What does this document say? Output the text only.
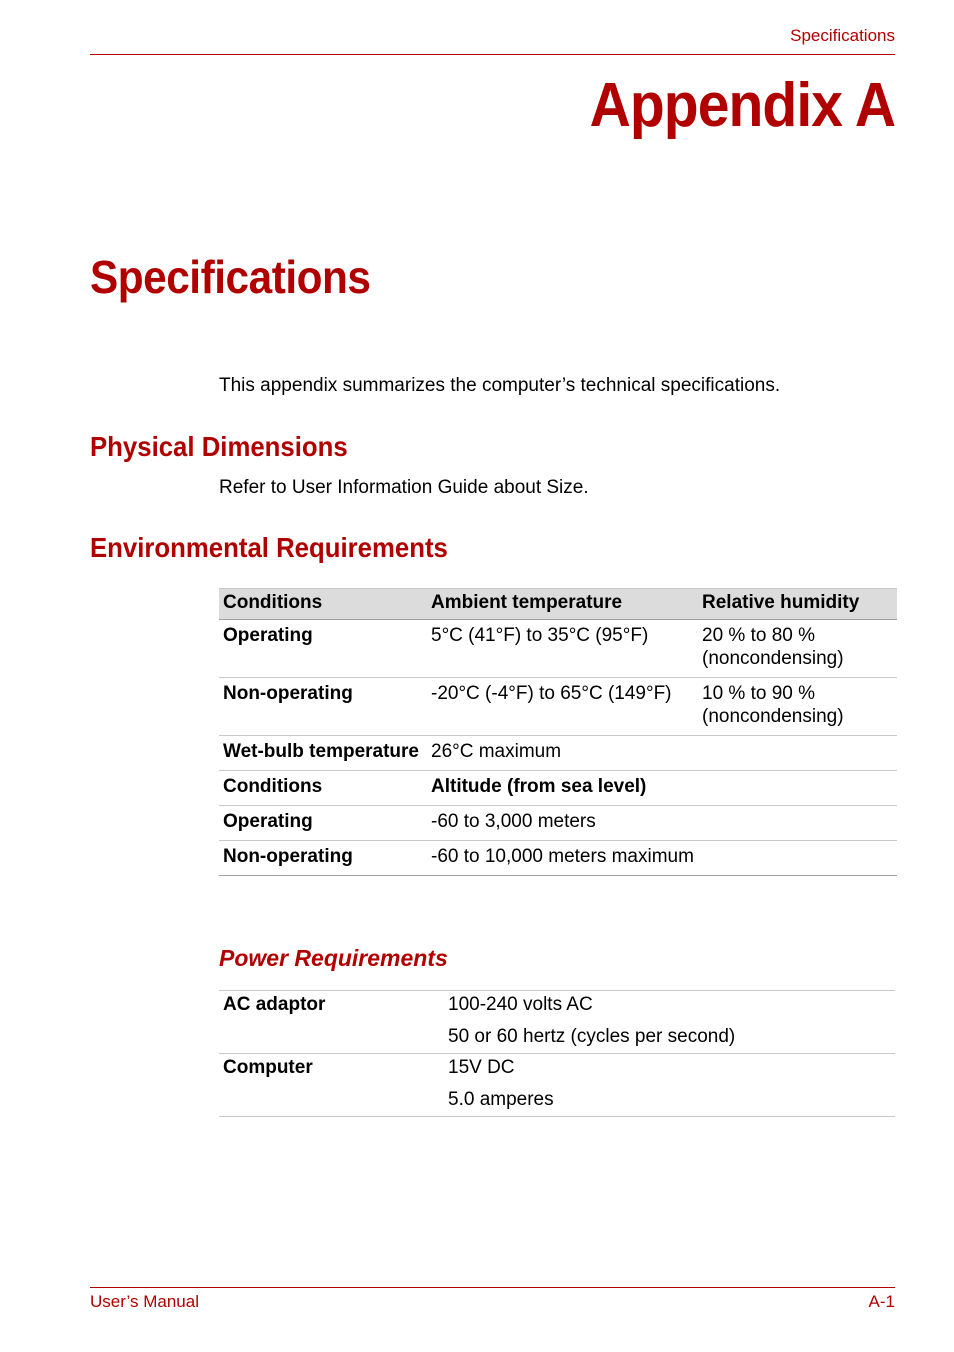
Specifications
Appendix A
Specifications
This appendix summarizes the computer’s technical specifications.
Physical Dimensions
Refer to User Information Guide about Size.
Environmental Requirements
Conditions	Ambient temperature	Relative humidity
Operating	5°C (41°F) to 35°C (95°F)	20 % to 80 % (noncondensing)
Non-operating	-20°C (-4°F) to 65°C (149°F)	10 % to 90 % (noncondensing)
Wet-bulb temperature	26°C maximum	
Conditions	Altitude (from sea level)	
Operating	-60 to 3,000 meters	
Non-operating	-60 to 10,000 meters maximum	
Power Requirements
AC adaptor	100-240 volts AC
	50 or 60 hertz (cycles per second)
Computer	15V DC
	5.0 amperes
User’s Manual	A-1
